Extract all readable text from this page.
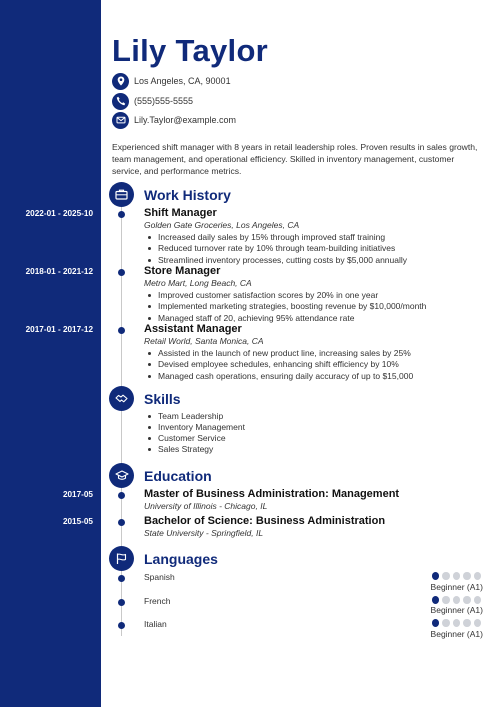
Lily Taylor
Los Angeles, CA, 90001
(555)555-5555
Lily.Taylor@example.com
Experienced shift manager with 8 years in retail leadership roles. Proven results in sales growth, team management, and operational efficiency. Skilled in inventory management, customer service, and performance metrics.
Work History
2022-01 - 2025-10	Shift Manager
Golden Gate Groceries, Los Angeles, CA
Increased daily sales by 15% through improved staff training
Reduced turnover rate by 10% through team-building initiatives
Streamlined inventory processes, cutting costs by $5,000 annually
2018-01 - 2021-12	Store Manager
Metro Mart, Long Beach, CA
Improved customer satisfaction scores by 20% in one year
Implemented marketing strategies, boosting revenue by $10,000/month
Managed staff of 20, achieving 95% attendance rate
2017-01 - 2017-12	Assistant Manager
Retail World, Santa Monica, CA
Assisted in the launch of new product line, increasing sales by 25%
Devised employee schedules, enhancing shift efficiency by 10%
Managed cash operations, ensuring daily accuracy of up to $15,000
Skills
Team Leadership
Inventory Management
Customer Service
Sales Strategy
Education
2017-05	Master of Business Administration: Management
University of Illinois - Chicago, IL
2015-05	Bachelor of Science: Business Administration
State University - Springfield, IL
Languages
Spanish
Beginner (A1)
French
Beginner (A1)
Italian
Beginner (A1)
